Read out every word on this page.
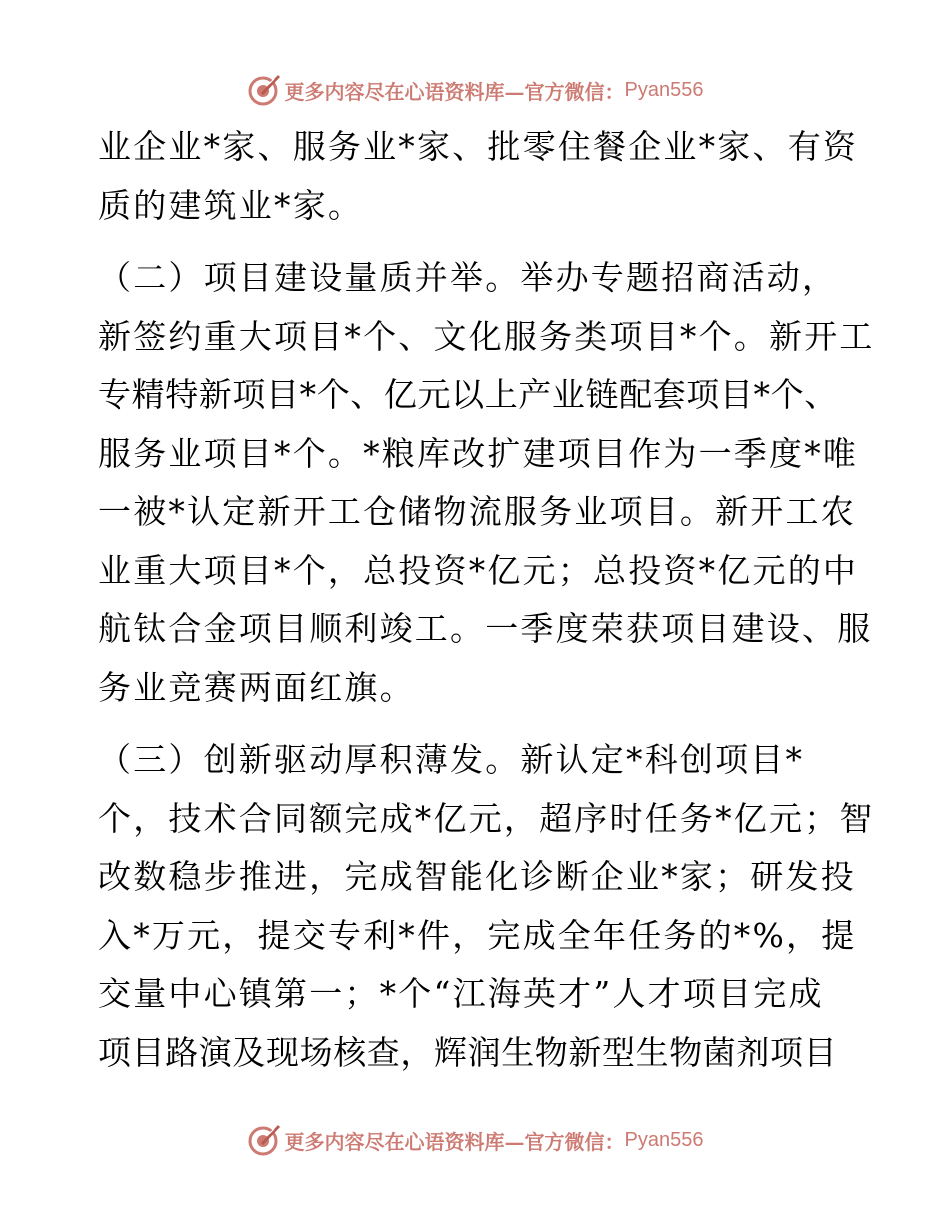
更多内容尽在心语资料库—官方微信： Pyan556
业企业*家、服务业*家、批零住餐企业*家、有资
质的建筑业*家。
（二）项目建设量质并举。举办专题招商活动，
新签约重大项目*个、文化服务类项目*个。新开工
专精特新项目*个、亿元以上产业链配套项目*个、
服务业项目*个。*粮库改扩建项目作为一季度*唯
一被*认定新开工仓储物流服务业项目。新开工农
业重大项目*个，总投资*亿元；总投资*亿元的中
航钛合金项目顺利竣工。一季度荣获项目建设、服
务业竞赛两面红旗。
（三）创新驱动厚积薄发。新认定*科创项目*
个，技术合同额完成*亿元，超序时任务*亿元；智
改数稳步推进，完成智能化诊断企业*家；研发投
入*万元，提交专利*件，完成全年任务的*%，提
交量中心镇第一；*个“江海英才”人才项目完成
项目路演及现场核查，辉润生物新型生物菌剂项目
更多内容尽在心语资料库—官方微信： Pyan556
